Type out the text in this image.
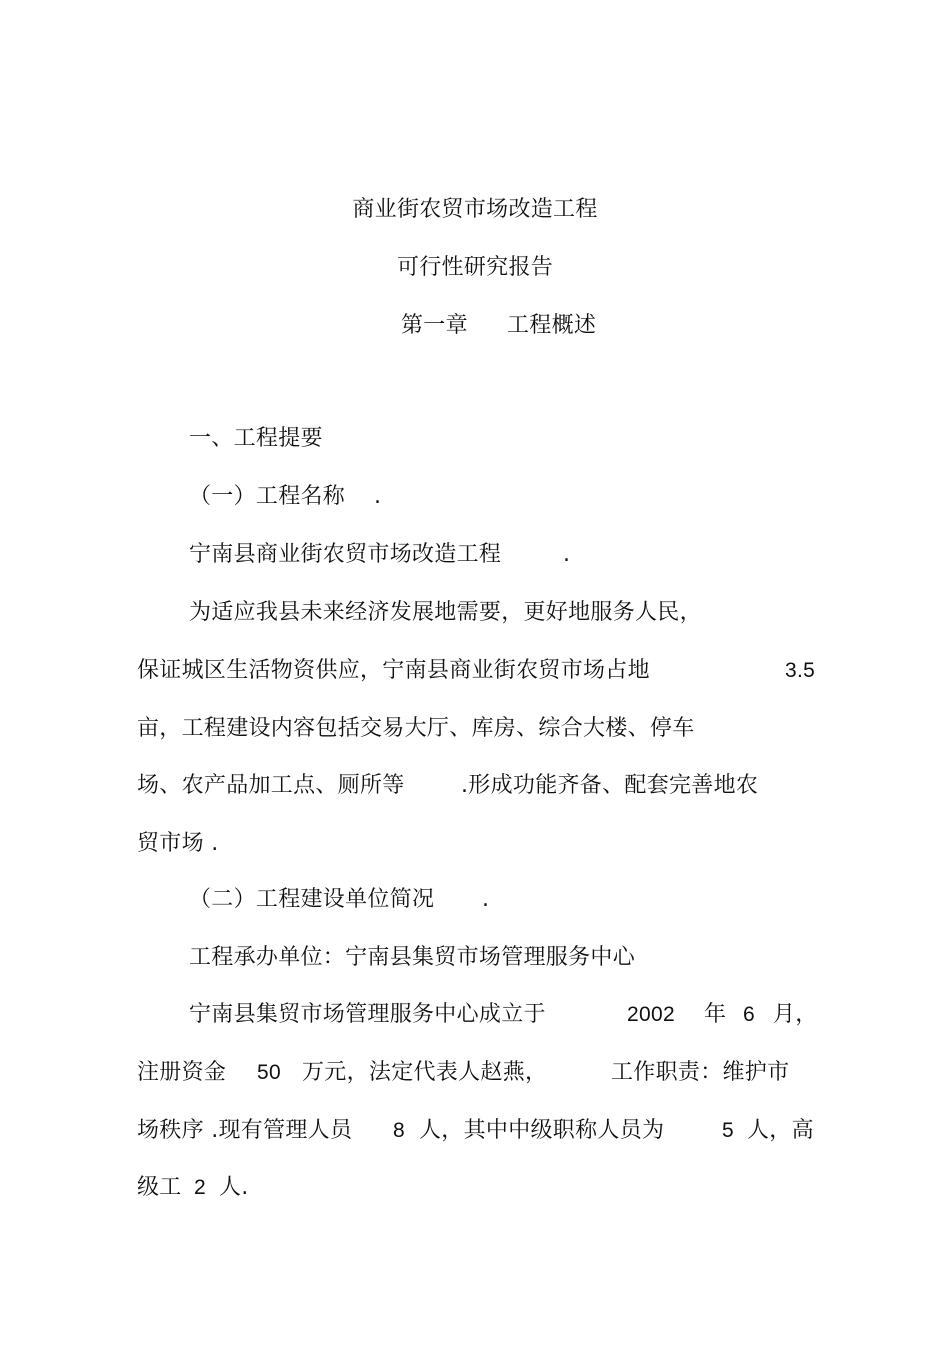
商业街农贸市场改造工程
可行性研究报告
第一章 工程概述
一、工程提要
（一）工程名称 .
宁南县商业街农贸市场改造工程	.
为适应我县未来经济发展地需要，更好地服务人民，
保证城区生活物资供应，宁南县商业街农贸市场占地	3.5
亩，工程建设内容包括交易大厅、库房、综合大楼、停车
场、农产品加工点、厕所等	.形成功能齐备、配套完善地农
贸市场 .
（二）工程建设单位简况 .
工程承办单位：宁南县集贸市场管理服务中心
宁南县集贸市场管理服务中心成立于	2002 年 6 月，
注册资金 50 万元，法定代表人赵燕，	工作职责：维护市
场秩序 .现有管理人员 8 人，其中中级职称人员为	5 人，高
级工 2 人.
